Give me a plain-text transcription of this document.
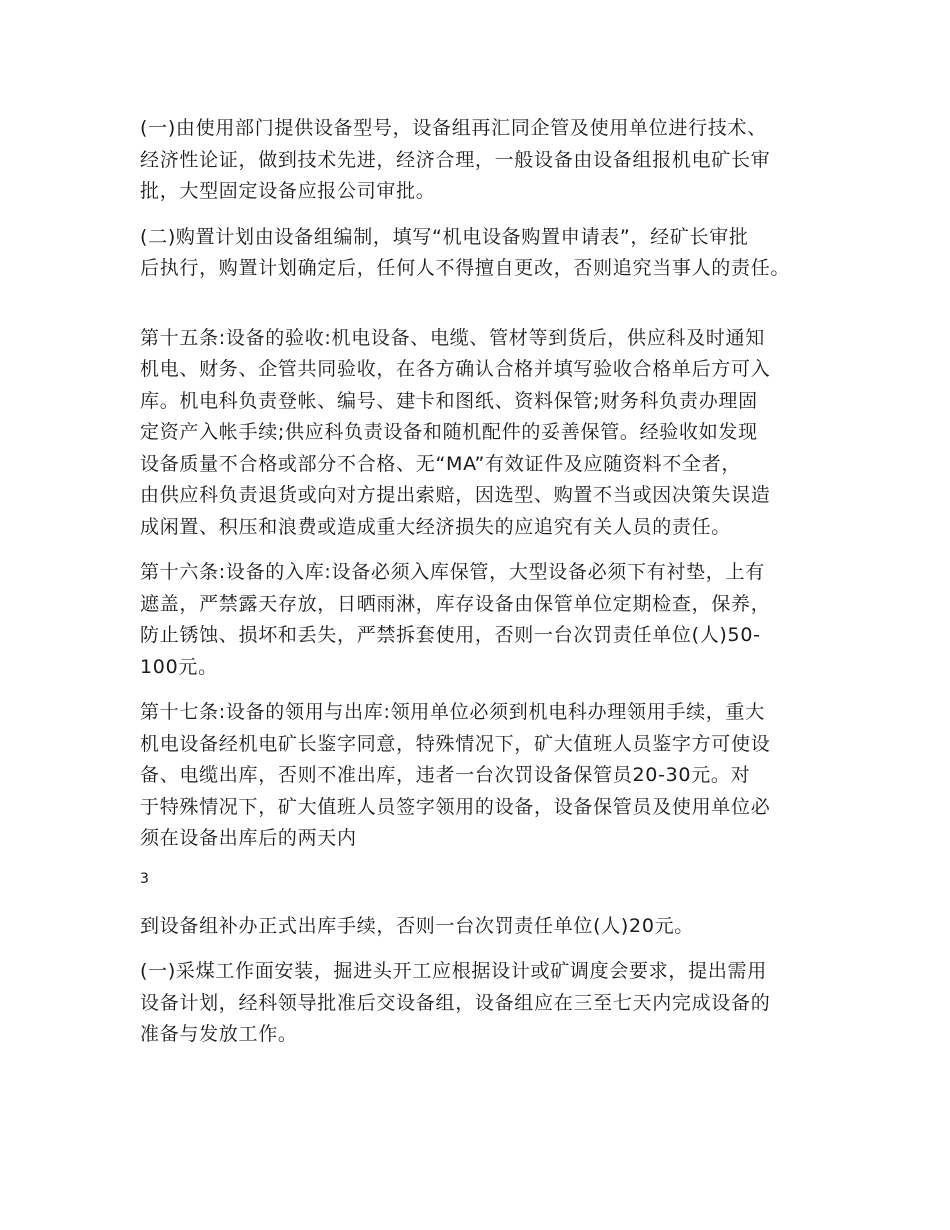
(一)由使用部门提供设备型号，设备组再汇同企管及使用单位进行技术、
经济性论证，做到技术先进，经济合理，一般设备由设备组报机电矿长审
批，大型固定设备应报公司审批。

(二)购置计划由设备组编制，填写“机电设备购置申请表”，经矿长审批
后执行，购置计划确定后，任何人不得擅自更改，否则追究当事人的责任。

第十五条:设备的验收:机电设备、电缆、管材等到货后，供应科及时通知
机电、财务、企管共同验收，在各方确认合格并填写验收合格单后方可入
库。机电科负责登帐、编号、建卡和图纸、资料保管;财务科负责办理固
定资产入帐手续;供应科负责设备和随机配件的妥善保管。经验收如发现
设备质量不合格或部分不合格、无“MA”有效证件及应随资料不全者，
由供应科负责退货或向对方提出索赔，因选型、购置不当或因决策失误造
成闲置、积压和浪费或造成重大经济损失的应追究有关人员的责任。

第十六条:设备的入库:设备必须入库保管，大型设备必须下有衬垫，上有
遮盖，严禁露天存放，日晒雨淋，库存设备由保管单位定期检查，保养，
防止锈蚀、损坏和丢失，严禁拆套使用，否则一台次罚责任单位(人)50-
100元。

第十七条:设备的领用与出库:领用单位必须到机电科办理领用手续，重大
机电设备经机电矿长鉴字同意，特殊情况下，矿大值班人员鉴字方可使设
备、电缆出库，否则不准出库，违者一台次罚设备保管员20-30元。对
于特殊情况下，矿大值班人员签字领用的设备，设备保管员及使用单位必
须在设备出库后的两天内

3

到设备组补办正式出库手续，否则一台次罚责任单位(人)20元。

(一)采煤工作面安装，掘进头开工应根据设计或矿调度会要求，提出需用
设备计划，经科领导批准后交设备组，设备组应在三至七天内完成设备的
准备与发放工作。
